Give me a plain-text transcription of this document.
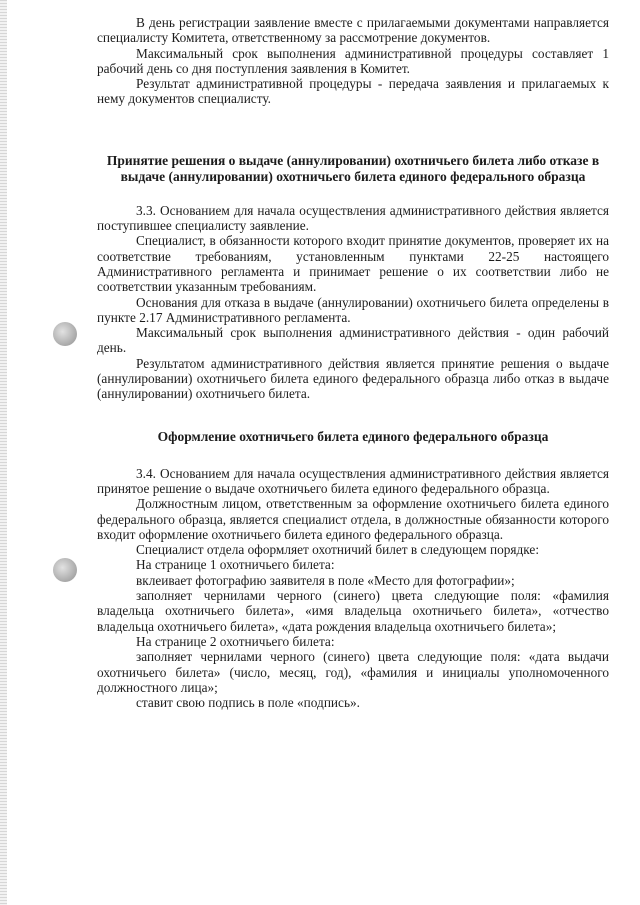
В день регистрации заявление вместе с прилагаемыми документами направляется специалисту Комитета, ответственному за рассмотрение документов.

Максимальный срок выполнения административной процедуры составляет 1 рабочий день со дня поступления заявления в Комитет.

Результат административной процедуры - передача заявления и прилагаемых к нему документов специалисту.

Принятие решения о выдаче (аннулировании) охотничьего билета либо отказе в выдаче (аннулировании) охотничьего билета единого федерального образца

3.3. Основанием для начала осуществления административного действия является поступившее специалисту заявление.

Специалист, в обязанности которого входит принятие документов, проверяет их на соответствие требованиям, установленным пунктами 22-25 настоящего Административного регламента и принимает решение о их соответствии либо не соответствии указанным требованиям.

Основания для отказа в выдаче (аннулировании) охотничьего билета определены в пункте 2.17 Административного регламента.

Максимальный срок выполнения административного действия - один рабочий день.

Результатом административного действия является принятие решения о выдаче (аннулировании) охотничьего билета единого федерального образца либо отказ в выдаче (аннулировании) охотничьего билета.

Оформление охотничьего билета единого федерального образца

3.4. Основанием для начала осуществления административного действия является принятое решение о выдаче охотничьего билета единого федерального образца.

Должностным лицом, ответственным за оформление охотничьего билета единого федерального образца, является специалист отдела, в должностные обязанности которого входит оформление охотничьего билета единого федерального образца.

Специалист отдела оформляет охотничий билет в следующем порядке:

На странице 1 охотничьего билета:

вклеивает фотографию заявителя в поле «Место для фотографии»;

заполняет чернилами черного (синего) цвета следующие поля: «фамилия владельца охотничьего билета», «имя владельца охотничьего билета», «отчество владельца охотничьего билета», «дата рождения владельца охотничьего билета»;

На странице 2 охотничьего билета:

заполняет чернилами черного (синего) цвета следующие поля: «дата выдачи охотничьего билета» (число, месяц, год), «фамилия и инициалы уполномоченного должностного лица»;

ставит свою подпись в поле «подпись».
